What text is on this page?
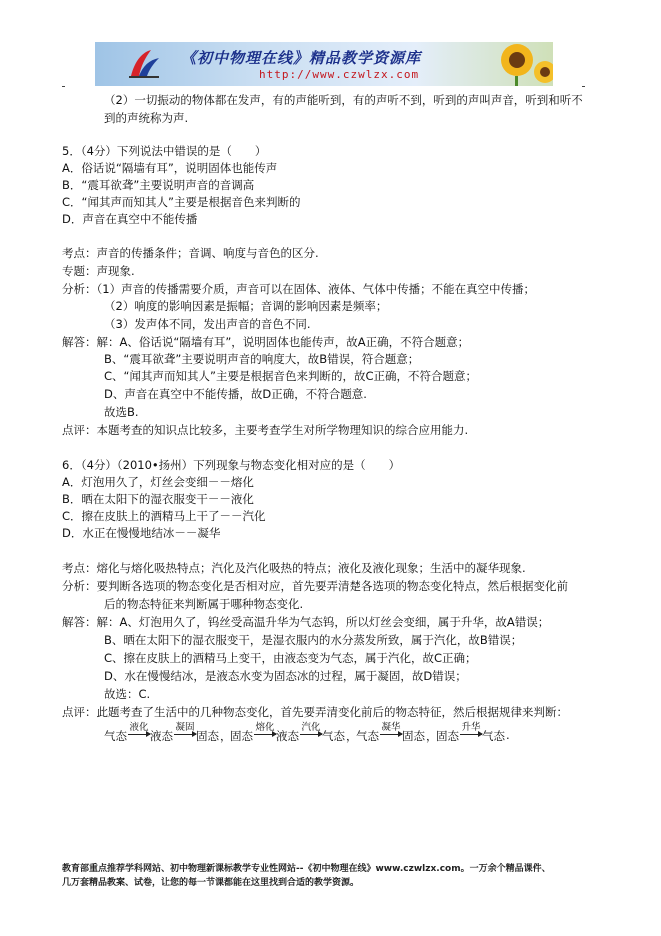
《初中物理在线》精品教学资源库
http://www.czwlzx.com
（2）一切振动的物体都在发声，有的声能听到，有的声听不到，听到的声叫声音，听到和听不
到的声统称为声.
5．（4分）下列说法中错误的是（　　）
A．俗话说“隔墙有耳”，说明固体也能传声
B．“震耳欲聋”主要说明声音的音调高
C．“闻其声而知其人”主要是根据音色来判断的
D．声音在真空中不能传播
考点：声音的传播条件；音调、响度与音色的区分.
专题：声现象.
分析：（1）声音的传播需要介质，声音可以在固体、液体、气体中传播；不能在真空中传播；
（2）响度的影响因素是振幅；音调的影响因素是频率；
（3）发声体不同，发出声音的音色不同.
解答：解：A、俗话说“隔墙有耳”，说明固体也能传声，故A正确，不符合题意；
B、“震耳欲聋”主要说明声音的响度大，故B错误，符合题意；
C、“闻其声而知其人”主要是根据音色来判断的，故C正确，不符合题意；
D、声音在真空中不能传播，故D正确，不符合题意.
故选B.
点评：本题考查的知识点比较多，主要考查学生对所学物理知识的综合应用能力.
6．（4分）（2010•扬州）下列现象与物态变化相对应的是（　　）
A．灯泡用久了，灯丝会变细－－熔化
B．晒在太阳下的湿衣服变干－－液化
C．擦在皮肤上的酒精马上干了－－汽化
D．水正在慢慢地结冰－－凝华
考点：熔化与熔化吸热特点；汽化及汽化吸热的特点；液化及液化现象；生活中的凝华现象.
分析：要判断各选项的物态变化是否相对应，首先要弄清楚各选项的物态变化特点，然后根据变化前
后的物态特征来判断属于哪种物态变化.
解答：解：A、灯泡用久了，钨丝受高温升华为气态钨，所以灯丝会变细，属于升华，故A错误；
B、晒在太阳下的湿衣服变干，是湿衣服内的水分蒸发所致，属于汽化，故B错误；
C、擦在皮肤上的酒精马上变干，由液态变为气态，属于汽化，故C正确；
D、水在慢慢结冰，是液态水变为固态冰的过程，属于凝固，故D错误；
故选：C.
点评：此题考查了生活中的几种物态变化，首先要弄清变化前后的物态特征，然后根据规律来判断：
气态
液化
液态
凝固
固态 ，
固态
熔化
液态
汽化
气态 ，
气态
凝华
固态 ，
固态
升华
气态 .
教育部重点推荐学科网站、初中物理新课标教学专业性网站--《初中物理在线》www.czwlzx.com。一万余个精品课件、
几万套精品教案、试卷，让您的每一节课都能在这里找到合适的教学资源。
